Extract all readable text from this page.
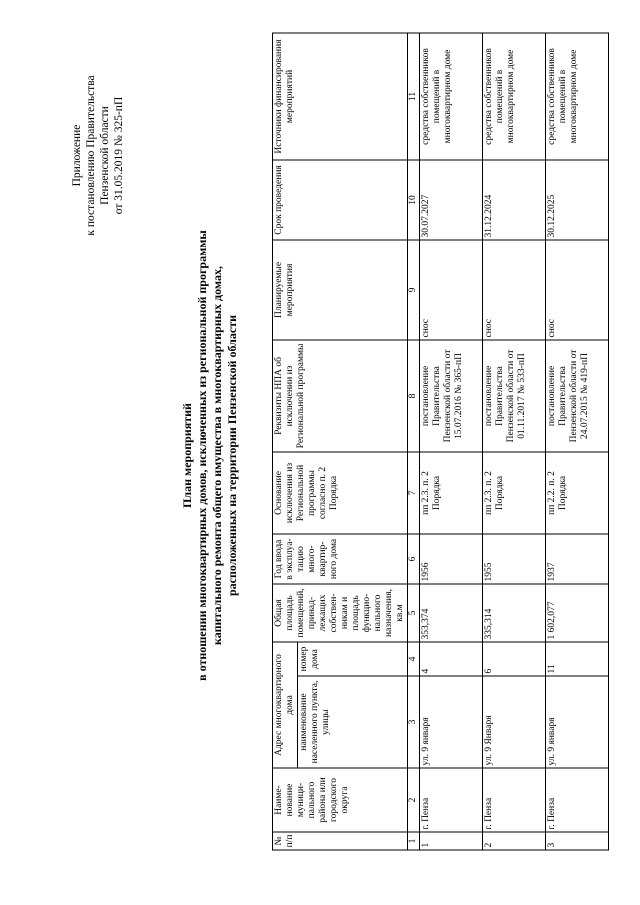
Приложение к постановлению Правительства Пензенской области от 31.05.2019 № 325-пП
План мероприятий в отношении многоквартирных домов, исключенных из региональной программы капитального ремонта общего имущества в многоквартирных домах, расположенных на территории Пензенской области
№ п/п	Наиме-нование муници-пального района или городского округа	Адрес многоквартирного дома		Общая площадь помещений, принад-лежащих собствен-никам и площадь функцио-нального назначения, кв.м	Год ввода в эксплуа-тацию много-квартир-ного дома	Основание исключения из Региональной программы согласно п. 2 Порядка	Реквизиты НПА об исключении из Региональной программы	Планируемые мероприятия	Срок проведения	Источники финансирования мероприятий
		наименование населенного пункта, улицы	номер дома							
1	2	3	4	5	6	7	8	9	10	11
1	г. Пенза	ул. 9 января	4	353,374	1956	пп 2.3. п. 2 Порядка	постановление Правительства Пензенской области от 15.07.2016 № 365-пП	снос	30.07.2027	средства собственников помещений в многоквартирном доме
2	г. Пенза	ул. 9 Января	6	335,314	1955	пп 2.3. п. 2 Порядка	постановление Правительства Пензенской области от 01.11.2017 № 533-пП	снос	31.12.2024	средства собственников помещений в многоквартирном доме
3	г. Пенза	ул. 9 января	11	1 602,077	1937	пп 2.2. п. 2 Порядка	постановление Правительства Пензенской области от 24.07.2015 № 419-пП	снос	30.12.2025	средства собственников помещений в многоквартирном доме
